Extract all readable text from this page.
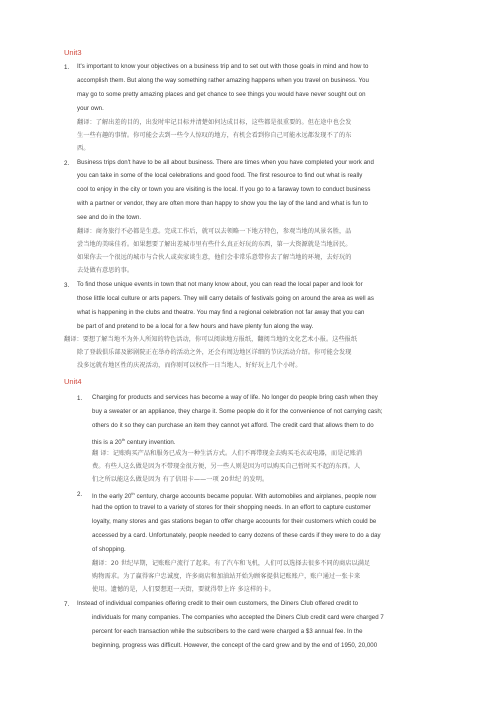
Unit3
1. It's important to know your objectives on a business trip and to set out with those goals in mind and how to
accomplish them. But along the way something rather amazing happens when you travel on business. You
may go to some pretty amazing places and get chance to see things you would have never sought out on
your own.
翻译：了解出差的目的，出发时牢记目标并清楚如何达成目标，这些都是很重要的。但在途中也会发
生一些有趣的事情。你可能会去到一些令人惊叹的地方，有机会看到你自己可能永远都发现不了的东
西。
2. Business trips don't have to be all about business. There are times when you have completed your work and
you can take in some of the local celebrations and good food. The first resource to find out what is really
cool to enjoy in the city or town you are visiting is the local. If you go to a faraway town to conduct business
with a partner or vendor, they are often more than happy to show you the lay of the land and what is fun to
see and do in the town.
翻译：商务旅行不必都是生意。完成工作后，就可以去领略一下地方特色，参观当地的风景名胜，品
尝当地的美味佳肴。如果想要了解出差城市里有些什么真正好玩的东西，第一大资源就是当地居民。
如果你去一个很远的城市与合伙人或卖家谈生意，他们会非常乐意带你去了解当地的环境，去好玩的
去处做有意思的事。
3. To find those unique events in town that not many know about, you can read the local paper and look for
those little local culture or arts papers. They will carry details of festivals going on around the area as well as
what is happening in the clubs and theatre. You may find a regional celebration not far away that you can
be part of and pretend to be a local for a few hours and have plenty fun along the way.
翻译：要想了解当地不为外人所知的特色活动，你可以阅读地方报纸，翻阅当地的文化艺术小报。这些报纸
除了登载俱乐部及影剧院正在举办的活动之外，还会有周边地区详细的节庆活动介绍。你可能会发现
没多远就有地区性的庆祝活动，而你则可以权作一日当地人，好好玩上几个小时。
Unit4
1. Charging for products and services has become a way of life. No longer do people bring cash when they
buy a sweater or an appliance, they charge it. Some people do it for the convenience of not carrying cash;
others do it so they can purchase an item they cannot yet afford. The credit card that allows them to do
this is a 20th century invention.
翻 译：记账购买产品和服务已成为一种生活方式。人们不再带现金去购买毛衣或电器，而是记账消
费。有些人这么做是因为不带现金很方便，另一些人则是因为可以购买自己暂时买不起的东西。人
们之所以能这么做是因为 有了信用卡——一项 20世纪 的发明。
2. In the early 20th century, charge accounts became popular. With automobiles and airplanes, people now
had the option to travel to a variety of stores for their shopping needs. In an effort to capture customer
loyalty, many stores and gas stations began to offer charge accounts for their customers which could be
accessed by a card. Unfortunately, people needed to carry dozens of these cards if they were to do a day
of shopping.
翻译：20 世纪早期，记账账户流行了起来。有了汽车和飞机，人们可以选择去很多不同的商店以满足
购物需求。为了赢得客户忠诚度，许多商店和加油站开始为顾客提供记账账户，账户通过一张卡来
使用。遗憾的是，人们要想逛一天街，要就得带上许 多这样的卡。
7. Instead of individual companies offering credit to their own customers, the Diners Club offered credit to
individuals for many companies. The companies who accepted the Diners Club credit card were charged 7
percent for each transaction while the subscribers to the card were charged a $3 annual fee. In the
beginning, progress was difficult. However, the concept of the card grew and by the end of 1950, 20,000
